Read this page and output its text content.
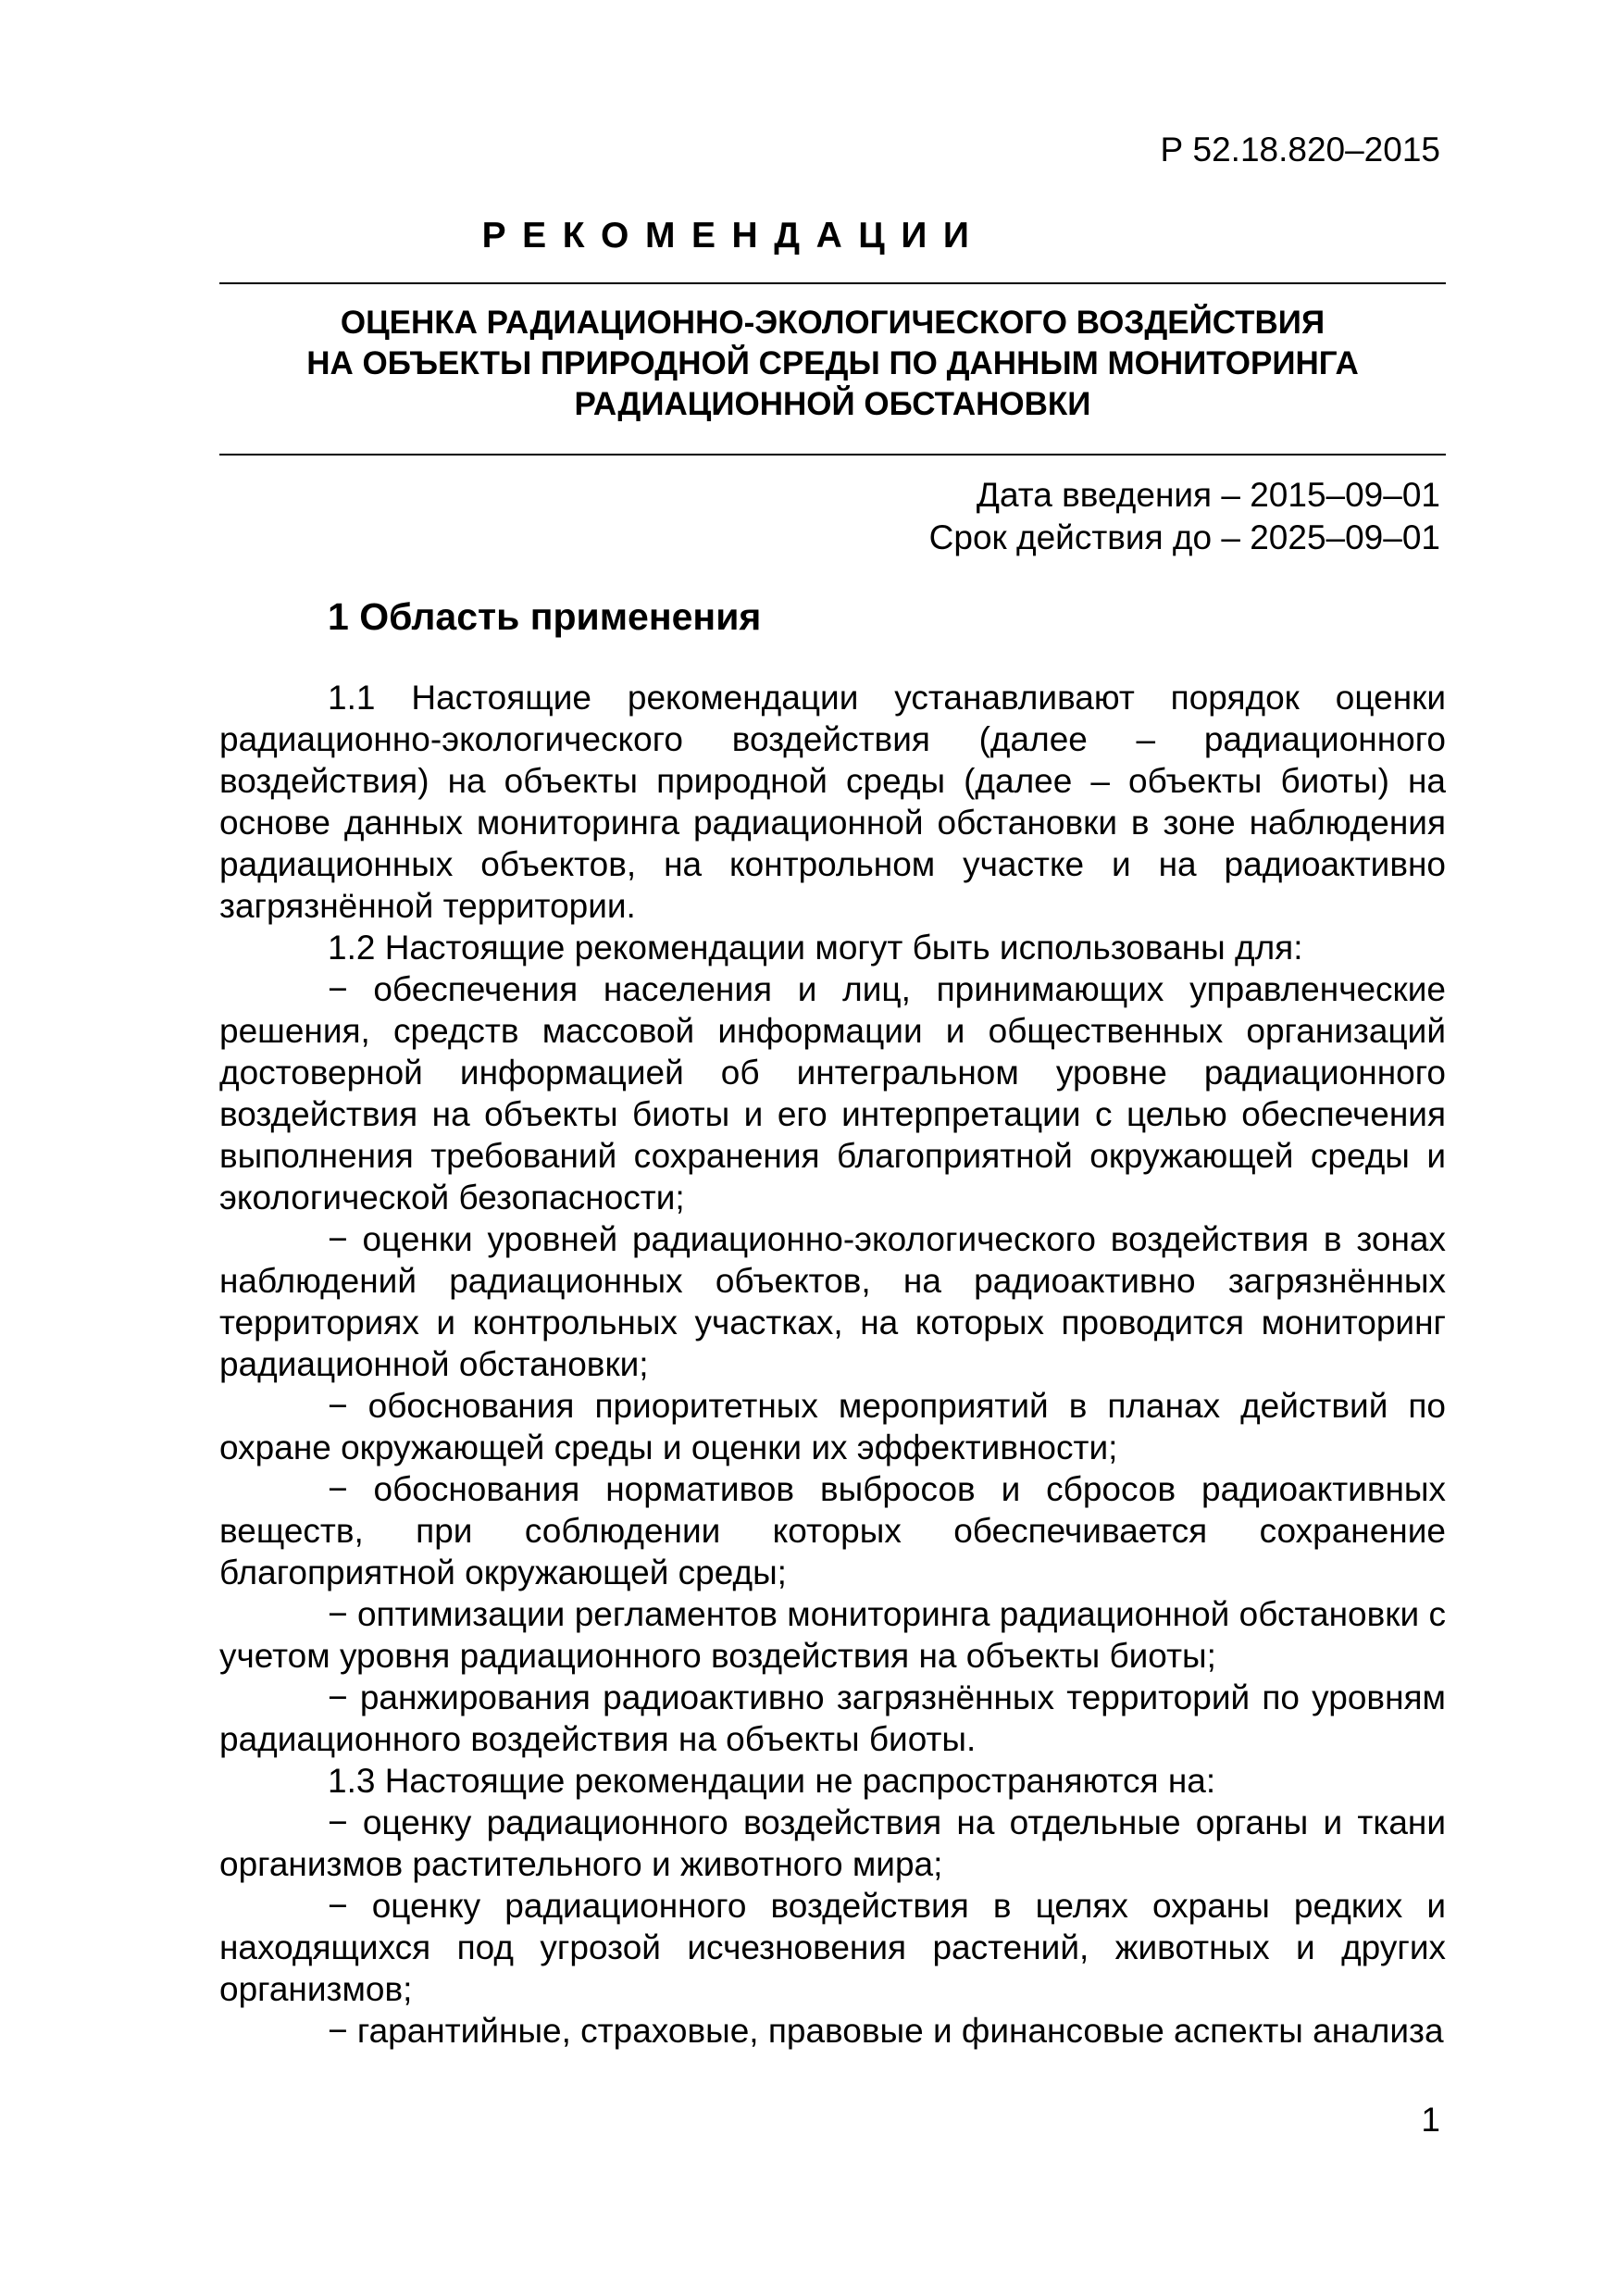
Р 52.18.820–2015
РЕКОМЕНДАЦИИ
ОЦЕНКА РАДИАЦИОННО-ЭКОЛОГИЧЕСКОГО ВОЗДЕЙСТВИЯ
НА ОБЪЕКТЫ ПРИРОДНОЙ СРЕДЫ ПО ДАННЫМ МОНИТОРИНГА
РАДИАЦИОННОЙ ОБСТАНОВКИ
Дата введения – 2015–09–01
Срок действия до – 2025–09–01
1 Область применения

1.1 Настоящие рекомендации устанавливают порядок оценки радиационно-экологического воздействия (далее – радиационного воздействия) на объекты природной среды (далее – объекты биоты) на основе данных мониторинга радиационной обстановки в зоне наблюдения радиационных объектов, на контрольном участке и на радиоактивно загрязнённой территории.

1.2 Настоящие рекомендации могут быть использованы для:

− обеспечения населения и лиц, принимающих управленческие решения, средств массовой информации и общественных организаций достоверной информацией об интегральном уровне радиационного воздействия на объекты биоты и его интерпретации с целью обеспечения выполнения требований сохранения благоприятной окружающей среды и экологической безопасности;

− оценки уровней радиационно-экологического воздействия в зонах наблюдений радиационных объектов, на радиоактивно загрязнённых территориях и контрольных участках, на которых проводится мониторинг радиационной обстановки;

− обоснования приоритетных мероприятий в планах действий по охране окружающей среды и оценки их эффективности;

− обоснования нормативов выбросов и сбросов радиоактивных веществ, при соблюдении которых обеспечивается сохранение благоприятной окружающей среды;

− оптимизации регламентов мониторинга радиационной обстановки с учетом уровня радиационного воздействия на объекты биоты;

− ранжирования радиоактивно загрязнённых территорий по уровням радиационного воздействия на объекты биоты.

1.3 Настоящие рекомендации не распространяются на:

− оценку радиационного воздействия на отдельные органы и ткани организмов растительного и животного мира;

− оценку радиационного воздействия в целях охраны редких и находящихся под угрозой исчезновения растений, животных и других организмов;

− гарантийные, страховые, правовые и финансовые аспекты анализа

1
